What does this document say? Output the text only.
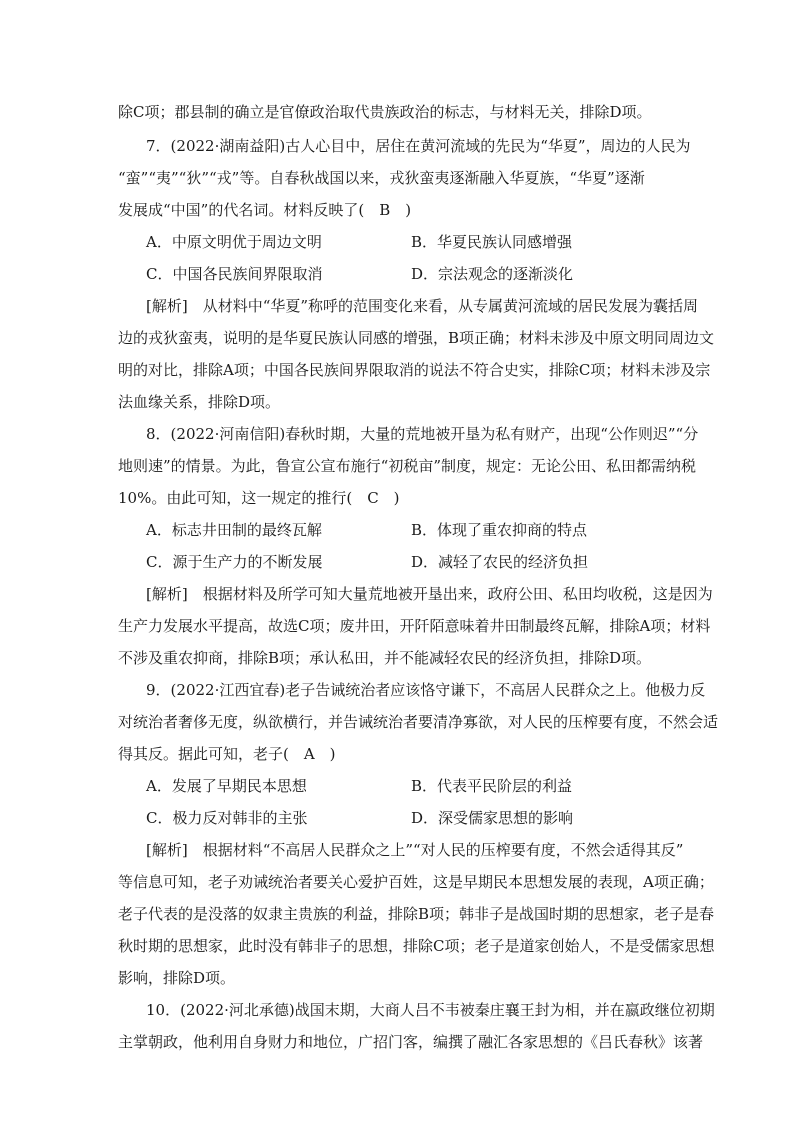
除C项；郡县制的确立是官僚政治取代贵族政治的标志，与材料无关，排除D项。
7．(2022·湖南益阳)古人心目中，居住在黄河流域的先民为“华夏”，周边的人民为
“蛮”“夷”“狄”“戎”等。自春秋战国以来，戎狄蛮夷逐渐融入华夏族，“华夏”逐渐
发展成“中国”的代名词。材料反映了(　B　)
A．中原文明优于周边文明	B．华夏民族认同感增强
C．中国各民族间界限取消	D．宗法观念的逐渐淡化
[解析]　从材料中“华夏”称呼的范围变化来看，从专属黄河流域的居民发展为囊括周
边的戎狄蛮夷，说明的是华夏民族认同感的增强，B项正确；材料未涉及中原文明同周边文
明的对比，排除A项；中国各民族间界限取消的说法不符合史实，排除C项；材料未涉及宗
法血缘关系，排除D项。
8．(2022·河南信阳)春秋时期，大量的荒地被开垦为私有财产，出现“公作则迟”“分
地则速”的情景。为此，鲁宣公宣布施行“初税亩”制度，规定：无论公田、私田都需纳税
10%。由此可知，这一规定的推行(　C　)
A．标志井田制的最终瓦解	B．体现了重农抑商的特点
C．源于生产力的不断发展	D．减轻了农民的经济负担
[解析]　根据材料及所学可知大量荒地被开垦出来，政府公田、私田均收税，这是因为
生产力发展水平提高，故选C项；废井田，开阡陌意味着井田制最终瓦解，排除A项；材料
不涉及重农抑商，排除B项；承认私田，并不能减轻农民的经济负担，排除D项。
9．(2022·江西宜春)老子告诫统治者应该恪守谦下，不高居人民群众之上。他极力反
对统治者奢侈无度，纵欲横行，并告诫统治者要清净寡欲，对人民的压榨要有度，不然会适
得其反。据此可知，老子(　A　)
A．发展了早期民本思想	B．代表平民阶层的利益
C．极力反对韩非的主张	D．深受儒家思想的影响
[解析]　根据材料“不高居人民群众之上”“对人民的压榨要有度，不然会适得其反”
等信息可知，老子劝诫统治者要关心爱护百姓，这是早期民本思想发展的表现，A项正确；
老子代表的是没落的奴隶主贵族的利益，排除B项；韩非子是战国时期的思想家，老子是春
秋时期的思想家，此时没有韩非子的思想，排除C项；老子是道家创始人，不是受儒家思想
影响，排除D项。
10．(2022·河北承德)战国末期，大商人吕不韦被秦庄襄王封为相，并在嬴政继位初期
主掌朝政，他利用自身财力和地位，广招门客，编撰了融汇各家思想的《吕氏春秋》该著
